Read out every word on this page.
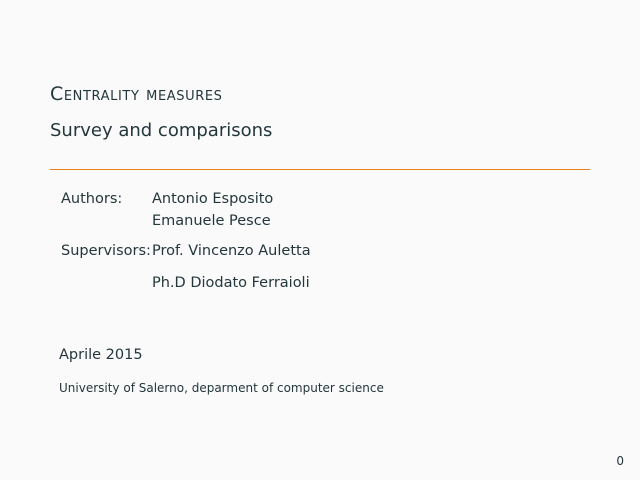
Centrality measures
Survey and comparisons
Authors: Antonio Esposito
Emanuele Pesce
Supervisors: Prof. Vincenzo Auletta
Ph.D Diodato Ferraioli
Aprile 2015
University of Salerno, deparment of computer science
0
